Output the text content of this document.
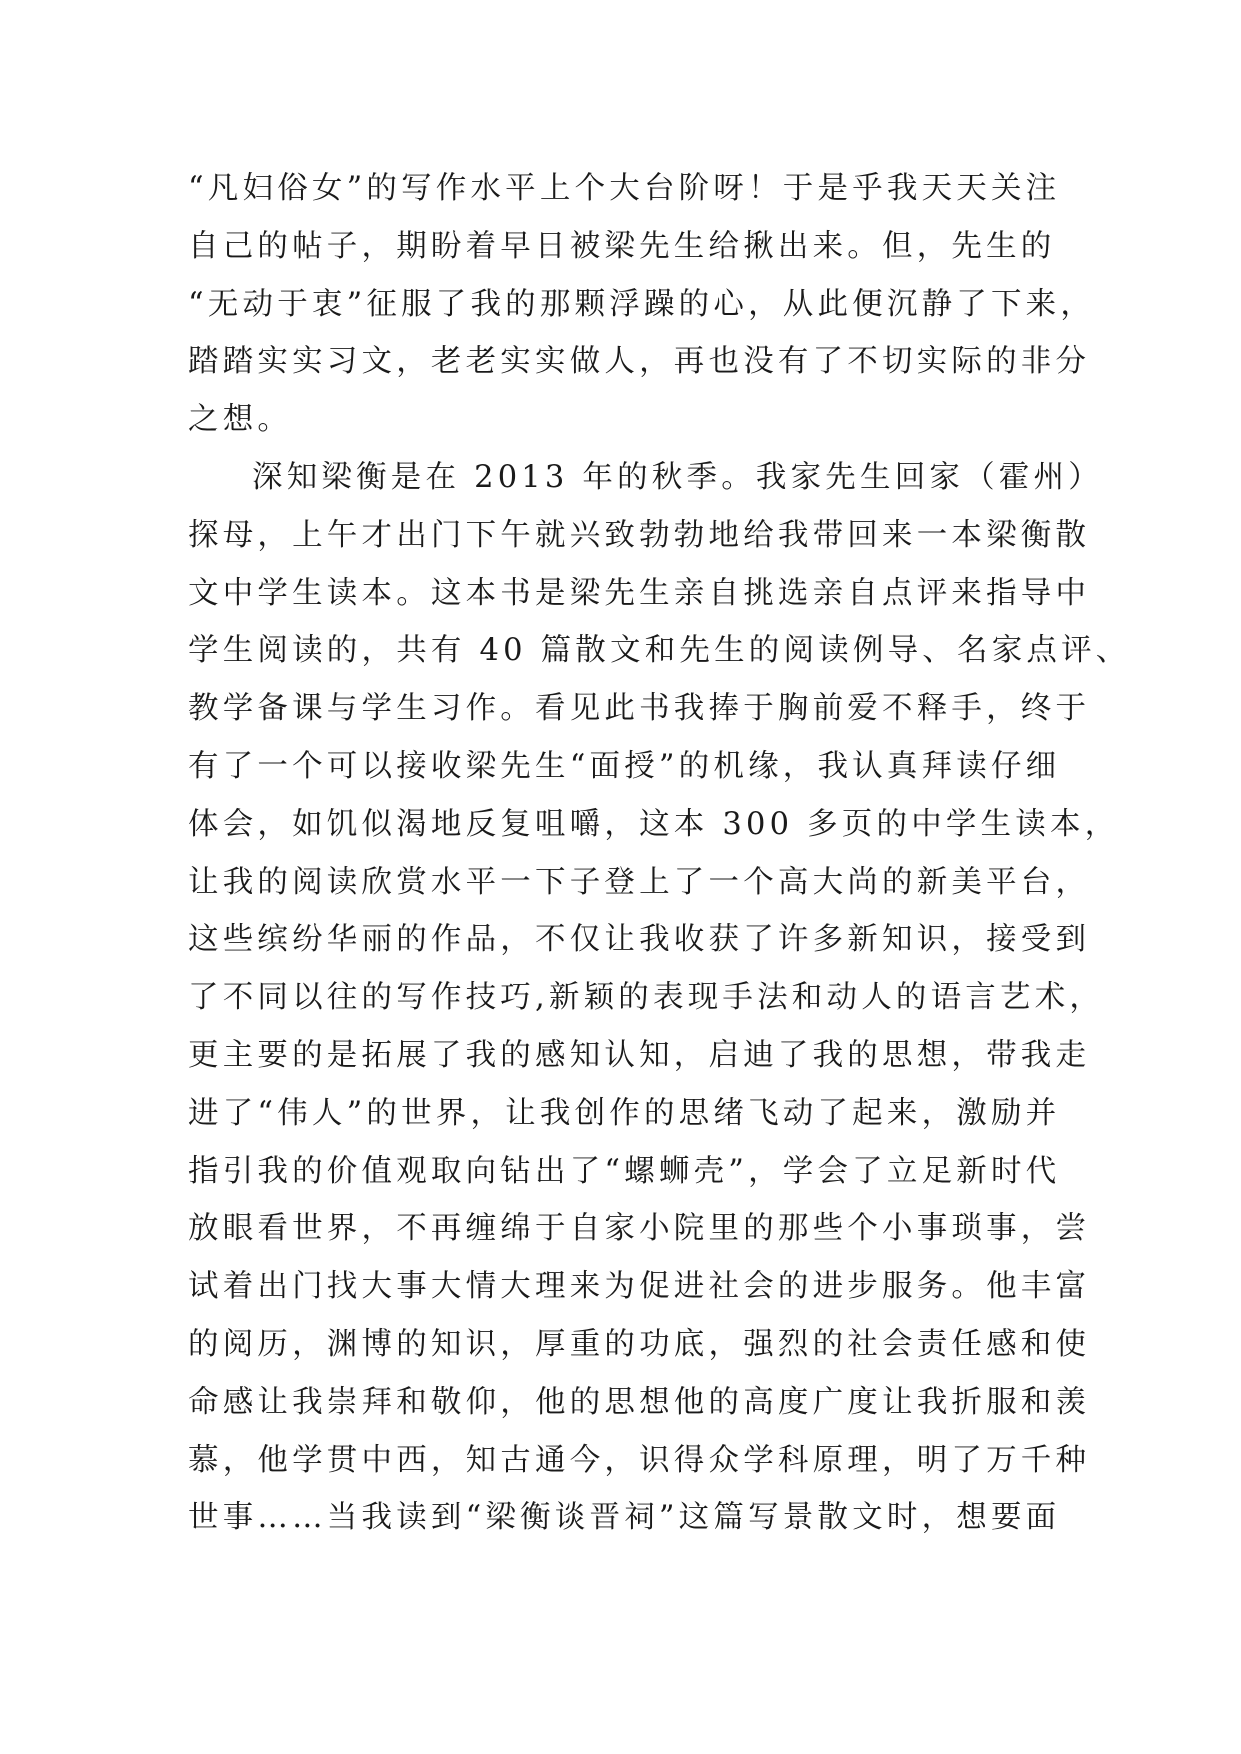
“凡妇俗女”的写作水平上个大台阶呀！于是乎我天天关注
自己的帖子，期盼着早日被梁先生给揪出来。但，先生的
“无动于衷”征服了我的那颗浮躁的心，从此便沉静了下来，
踏踏实实习文，老老实实做人，再也没有了不切实际的非分
之想。
深知梁衡是在 2013 年的秋季。我家先生回家（霍州）
探母，上午才出门下午就兴致勃勃地给我带回来一本梁衡散
文中学生读本。这本书是梁先生亲自挑选亲自点评来指导中
学生阅读的，共有 40 篇散文和先生的阅读例导、名家点评、
教学备课与学生习作。看见此书我捧于胸前爱不释手，终于
有了一个可以接收梁先生“面授”的机缘，我认真拜读仔细
体会，如饥似渴地反复咀嚼，这本 300 多页的中学生读本，
让我的阅读欣赏水平一下子登上了一个高大尚的新美平台，
这些缤纷华丽的作品，不仅让我收获了许多新知识，接受到
了不同以往的写作技巧,新颖的表现手法和动人的语言艺术，
更主要的是拓展了我的感知认知，启迪了我的思想，带我走
进了“伟人”的世界，让我创作的思绪飞动了起来，激励并
指引我的价值观取向钻出了“螺蛳壳”，学会了立足新时代
放眼看世界，不再缠绵于自家小院里的那些个小事琐事，尝
试着出门找大事大情大理来为促进社会的进步服务。他丰富
的阅历，渊博的知识，厚重的功底，强烈的社会责任感和使
命感让我崇拜和敬仰，他的思想他的高度广度让我折服和羡
慕，他学贯中西，知古通今，识得众学科原理，明了万千种
世事……当我读到“梁衡谈晋祠”这篇写景散文时，想要面
